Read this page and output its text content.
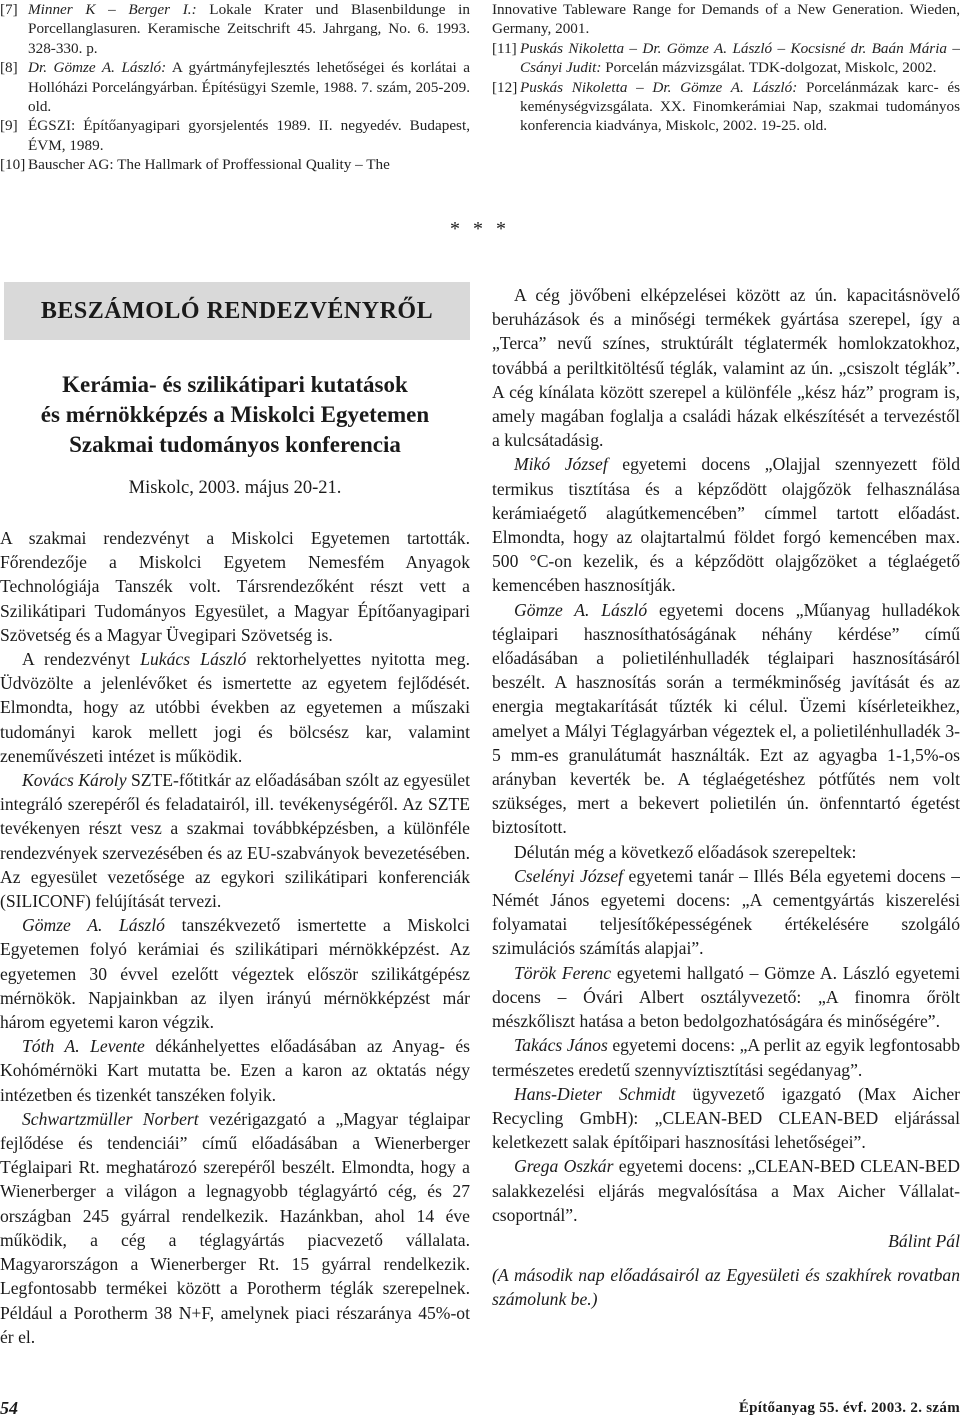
[7] Minner K – Berger I.: Lokale Krater und Blasenbildunge in Porcellanglasuren. Keramische Zeitschrift 45. Jahrgang, No. 6. 1993. 328-330. p.
[8] Dr. Gömze A. László: A gyártmányfejlesztés lehetőségei és korlátai a Hollóházi Porcelángyárban. Építésügyi Szemle, 1988. 7. szám, 205-209. old.
[9] ÉGSZI: Építőanyagipari gyorsjelentés 1989. II. negyedév. Budapest, ÉVM, 1989.
[10] Bauscher AG: The Hallmark of Proffessional Quality – The
Innovative Tableware Range for Demands of a New Generation. Wieden, Germany, 2001.
[11] Puskás Nikoletta – Dr. Gömze A. László – Kocsisné dr. Baán Mária – Csányi Judit: Porcelán mázvizsgálat. TDK-dolgozat, Miskolc, 2002.
[12] Puskás Nikoletta – Dr. Gömze A. László: Porcelánmázak karc- és keménységvizsgálata. XX. Finomkerámiai Nap, szakmai tudományos konferencia kiadványa, Miskolc, 2002. 19-25. old.
* * *
BESZÁMOLÓ RENDEZVÉNYRŐL
Kerámia- és szilikátipari kutatások
és mérnökképzés a Miskolci Egyetemen
Szakmai tudományos konferencia
Miskolc, 2003. május 20-21.

A szakmai rendezvényt a Miskolci Egyetemen tartották. Főrendezője a Miskolci Egyetem Nemesfém Anyagok Technológiája Tanszék volt. Társrendezőként részt vett a Szilikátipari Tudományos Egyesület, a Magyar Építőanyagipari Szövetség és a Magyar Üvegipari Szövetség is.

A rendezvényt Lukács László rektorhelyettes nyitotta meg. Üdvözölte a jelenlévőket és ismertette az egyetem fejlődését. Elmondta, hogy az utóbbi években az egyetemen a műszaki tudományi karok mellett jogi és bölcsész kar, valamint zeneművészeti intézet is működik.

Kovács Károly SZTE-főtitkár az előadásában szólt az egyesület integráló szerepéről és feladatairól, ill. tevékenységéről. Az SZTE tevékenyen részt vesz a szakmai továbbképzésben, a különféle rendezvények szervezésében és az EU-szabványok bevezetésében. Az egyesület vezetősége az egykori szilikátipari konferenciák (SILICONF) felújítását tervezi.

Gömze A. László tanszékvezető ismertette a Miskolci Egyetemen folyó kerámiai és szilikátipari mérnökképzést. Az egyetemen 30 évvel ezelőtt végeztek először szilikátgépész mérnökök. Napjainkban az ilyen irányú mérnökképzést már három egyetemi karon végzik.

Tóth A. Levente dékánhelyettes előadásában az Anyag- és Kohómérnöki Kart mutatta be. Ezen a karon az oktatás négy intézetben és tizenkét tanszéken folyik.

Schwartzmüller Norbert vezérigazgató a „Magyar téglaipar fejlődése és tendenciái” című előadásában a Wienerberger Téglaipari Rt. meghatározó szerepéről beszélt. Elmondta, hogy a Wienerberger a világon a legnagyobb téglagyártó cég, és 27 országban 245 gyárral rendelkezik. Hazánkban, ahol 14 éve működik, a cég a téglagyártás piacvezető vállalata. Magyarországon a Wienerberger Rt. 15 gyárral rendelkezik. Legfontosabb termékei között a Porotherm téglák szerepelnek. Például a Porotherm 38 N+F, amelynek piaci részaránya 45%-ot ér el.

A cég jövőbeni elképzelései között az ún. kapacitásnövelő beruházások és a minőségi termékek gyártása szerepel, így a „Terca” nevű színes, struktúrált téglatermék homlokzatokhoz, továbbá a periltkitöltésű téglák, valamint az ún. „csiszolt téglák”. A cég kínálata között szerepel a különféle „kész ház” program is, amely magában foglalja a családi házak elkészítését a tervezéstől a kulcsátadásig.

Mikó József egyetemi docens „Olajjal szennyezett föld termikus tisztítása és a képződött olajgőzök felhasználása kerámiaégető alagútkemencében” címmel tartott előadást. Elmondta, hogy az olajtartalmú földet forgó kemencében max. 500 °C-on kezelik, és a képződött olajgőzöket a téglaégető kemencében hasznosítják.

Gömze A. László egyetemi docens „Műanyag hulladékok téglaipari hasznosíthatóságának néhány kérdése” című előadásában a polietilénhulladék téglaipari hasznosításáról beszélt. A hasznosítás során a termékminőség javítását és az energia megtakarítását tűzték ki célul. Üzemi kísérleteikhez, amelyet a Mályi Téglagyárban végeztek el, a polietilénhulladék 3-5 mm-es granulátumát használták. Ezt az agyagba 1-1,5%-os arányban keverték be. A téglaégetéshez pótfűtés nem volt szükséges, mert a bekevert polietilén ún. önfenntartó égetést biztosított.

Délután még a következő előadások szerepeltek:

Cselényi József egyetemi tanár – Illés Béla egyetemi docens – Némét János egyetemi docens: „A cementgyártás kiszerelési folyamatai teljesítőképességének értékelésére szolgáló szimulációs számítás alapjai”.

Török Ferenc egyetemi hallgató – Gömze A. László egyetemi docens – Óvári Albert osztályvezető: „A finomra őrölt mészkőliszt hatása a beton bedolgozhatóságára és minőségére”.

Takács János egyetemi docens: „A perlit az egyik legfontosabb természetes eredetű szennyvíztisztítási segédanyag”.

Hans-Dieter Schmidt ügyvezető igazgató (Max Aicher Recycling GmbH): „CLEAN-BED CLEAN-BED eljárással keletkezett salak építőipari hasznosítási lehetőségei”.

Grega Oszkár egyetemi docens: „CLEAN-BED CLEAN-BED salakkezelési eljárás megvalósítása a Max Aicher Vállalat-csoportnál”.

Bálint Pál

(A második nap előadásairól az Egyesületi és szakhírek rovatban számolunk be.)

54	Építőanyag 55. évf. 2003. 2. szám
